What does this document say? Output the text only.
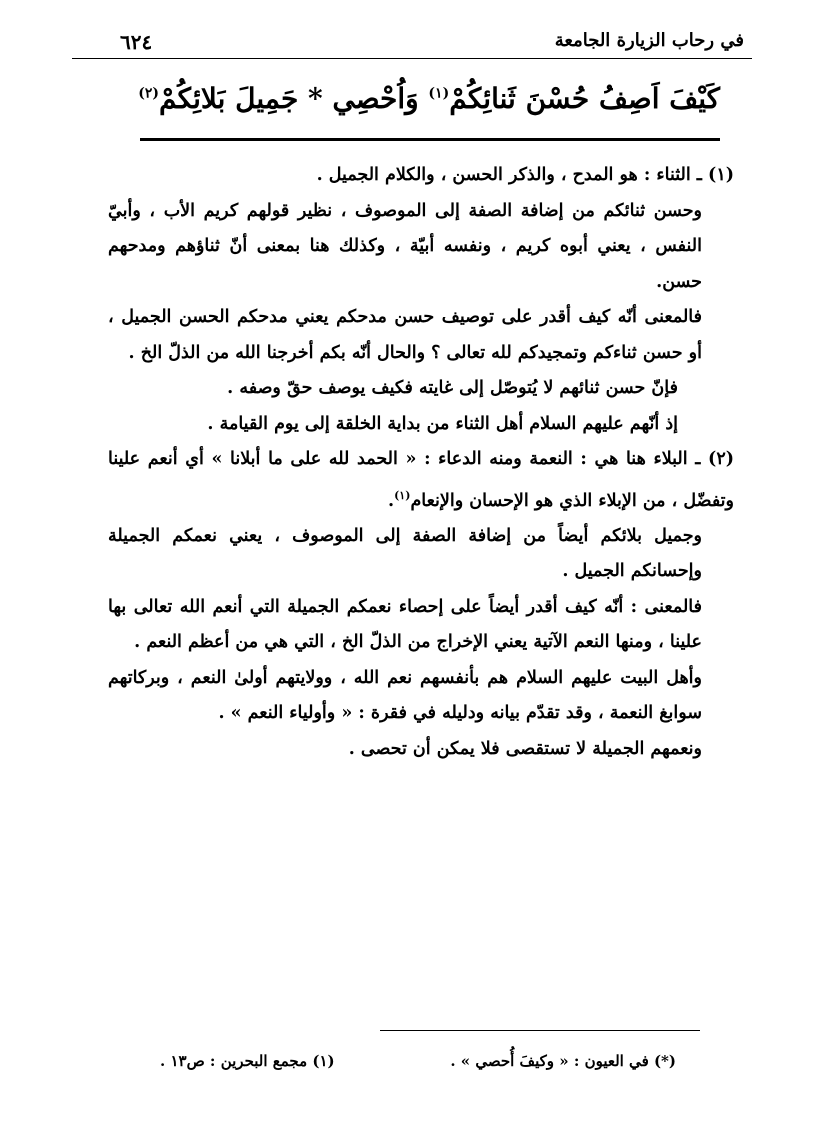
في رحاب الزيارة الجامعة
٦٢٤
كَيْفَ اَصِفُ حُسْنَ ثَنائِكُمْ$^{(١)}$ وَاُحْصِي * جَمِيلَ بَلائِكُمْ$^{(٢)}$

(١) ـ الثناء : هو المدح ، والذكر الحسن ، والكلام الجميل .

وحسن ثنائكم من إضافة الصفة إلى الموصوف ، نظير قولهم كريم الأب ، وأبيّ النفس ، يعني أبوه كريم ، ونفسه أبيّة ، وكذلك هنا بمعنى أنّ ثناؤهم ومدحهم حسن.

فالمعنى أنّه كيف أقدر على توصيف حسن مدحكم يعني مدحكم الحسن الجميل ، أو حسن ثناءكم وتمجيدكم لله تعالى ؟ والحال أنّه بكم أخرجنا الله من الذلّ الخ .

فإنّ حسن ثنائهم لا يُتوصّل إلى غايته فكيف يوصف حقّ وصفه .

إذ أنّهم عليهم السلام أهل الثناء من بداية الخلقة إلى يوم القيامة .

(٢) ـ البلاء هنا هي : النعمة ومنه الدعاء : « الحمد لله على ما أبلانا » أي أنعم علينا وتفضّل ، من الإبلاء الذي هو الإحسان والإنعام$^{(١)}$.

وجميل بلائكم أيضاً من إضافة الصفة إلى الموصوف ، يعني نعمكم الجميلة وإحسانكم الجميل .

فالمعنى : أنّه كيف أقدر أيضاً على إحصاء نعمكم الجميلة التي أنعم الله تعالى بها علينا ، ومنها النعم الآتية يعني الإخراج من الذلّ الخ ، التي هي من أعظم النعم .

وأهل البيت عليهم السلام هم بأنفسهم نعم الله ، وولايتهم أولىٰ النعم ، وبركاتهم سوابغ النعمة ، وقد تقدّم بيانه ودليله في فقرة : « وأولياء النعم » .

ونعمهم الجميلة لا تستقصى فلا يمكن أن تحصى .

(*) في العيون : « وكيفَ أُحصي » .
(١) مجمع البحرين : ص١٣ .
